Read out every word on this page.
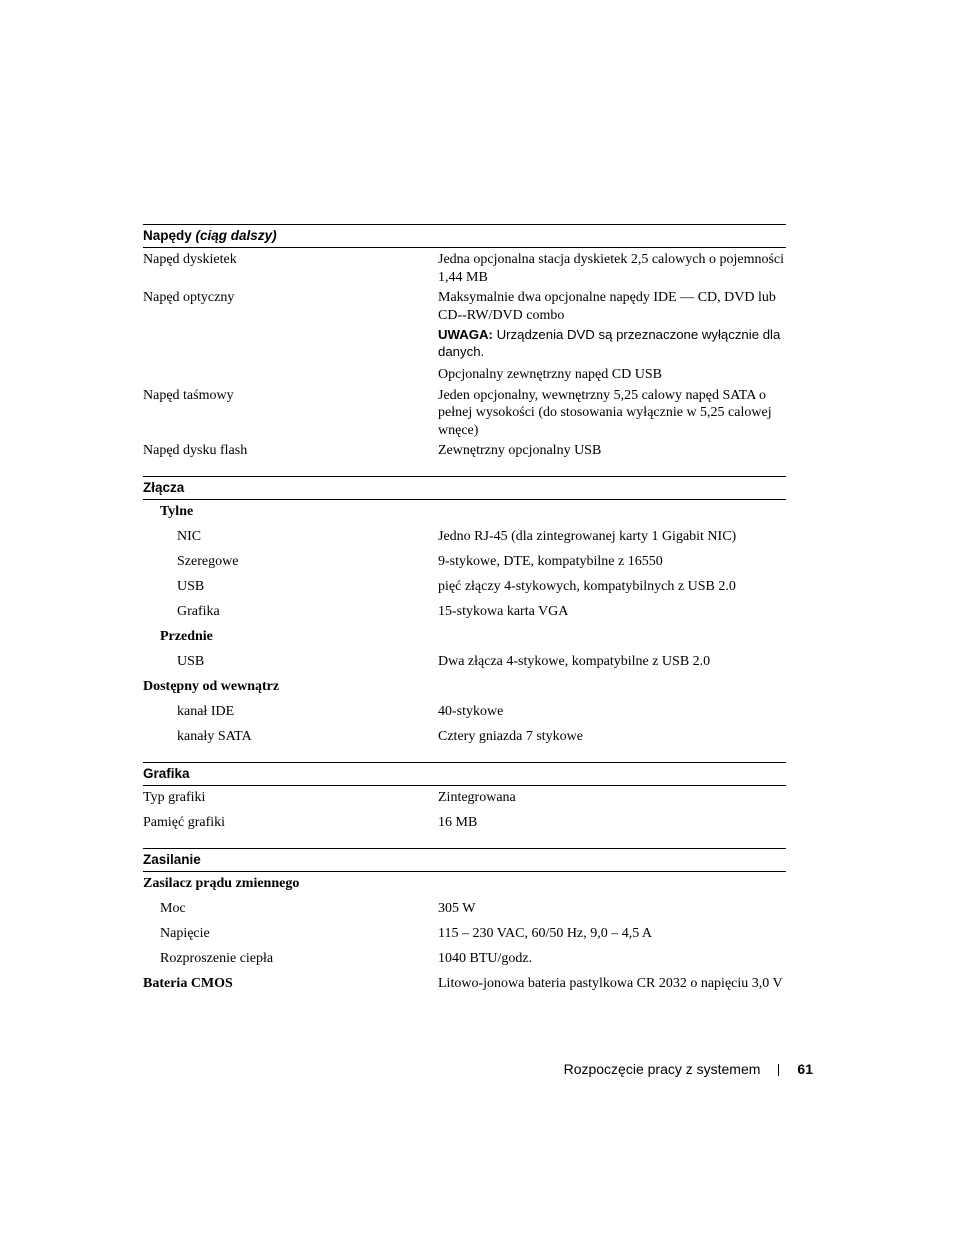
Napędy (ciąg dalszy)
Napęd dyskietek	Jedna opcjonalna stacja dyskietek 2,5 calowych o pojemności 1,44 MB
Napęd optyczny	Maksymalnie dwa opcjonalne napędy IDE — CD, DVD lub CD--RW/DVD combo
UWAGA: Urządzenia DVD są przeznaczone wyłącznie dla danych.
Opcjonalny zewnętrzny napęd CD USB
Napęd taśmowy	Jeden opcjonalny, wewnętrzny 5,25 calowy napęd SATA o pełnej wysokości (do stosowania wyłącznie w 5,25 calowej wnęce)
Napęd dysku flash	Zewnętrzny opcjonalny USB
Złącza
Tylne
NIC	Jedno RJ-45 (dla zintegrowanej karty 1 Gigabit NIC)
Szeregowe	9-stykowe, DTE, kompatybilne z 16550
USB	pięć złączy 4-stykowych, kompatybilnych z USB 2.0
Grafika	15-stykowa karta VGA
Przednie
USB	Dwa złącza 4-stykowe, kompatybilne z USB 2.0
Dostępny od wewnątrz
kanał IDE	40-stykowe
kanały SATA	Cztery gniazda 7 stykowe
Grafika
Typ grafiki	Zintegrowana
Pamięć grafiki	16 MB
Zasilanie
Zasilacz prądu zmiennego
Moc	305 W
Napięcie	115 – 230 VAC, 60/50 Hz, 9,0 – 4,5 A
Rozproszenie ciepła	1040 BTU/godz.
Bateria CMOS	Litowo-jonowa bateria pastylkowa CR 2032 o napięciu 3,0 V
Rozpoczęcie pracy z systemem	61
